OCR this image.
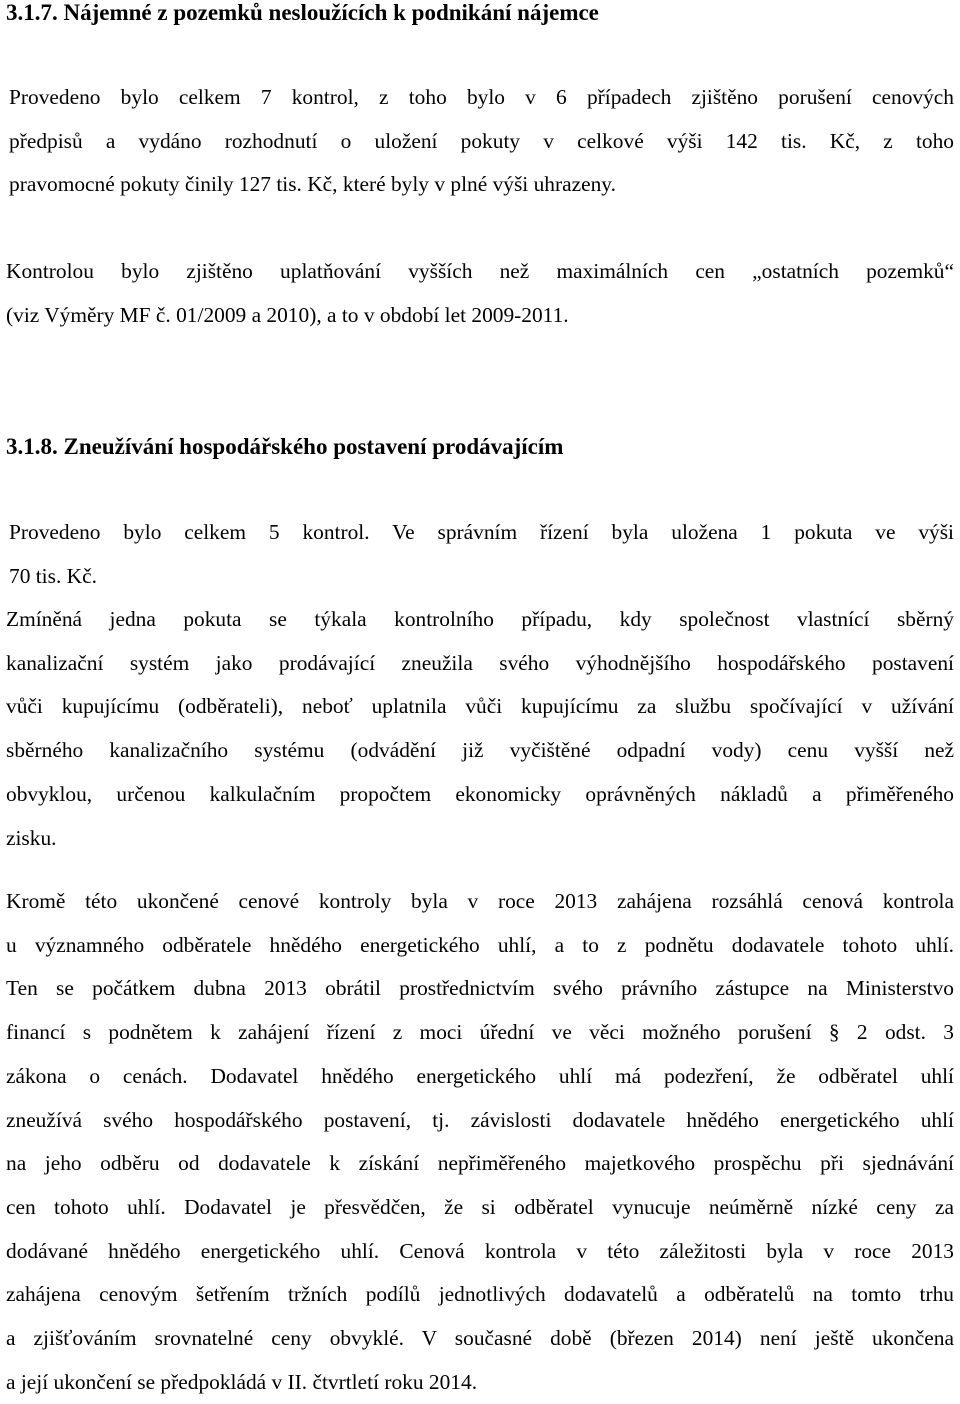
3.1.7. Nájemné z pozemků nesloužících k podnikání nájemce

Provedeno bylo celkem 7 kontrol, z toho bylo v 6 případech zjištěno porušení cenových
předpisů a vydáno rozhodnutí o uložení pokuty v celkové výši 142 tis. Kč, z toho
pravomocné pokuty činily 127 tis. Kč, které byly v plné výši uhrazeny.

Kontrolou bylo zjištěno uplatňování vyšších než maximálních cen „ostatních pozemků“
(viz Výměry MF č. 01/2009 a 2010), a to v období let 2009-2011.

3.1.8. Zneužívání hospodářského postavení prodávajícím

Provedeno bylo celkem 5 kontrol. Ve správním řízení byla uložena 1 pokuta ve výši
70 tis. Kč.

Zmíněná jedna pokuta se týkala kontrolního případu, kdy společnost vlastnící sběrný
kanalizační systém jako prodávající zneužila svého výhodnějšího hospodářského postavení
vůči kupujícímu (odběrateli), neboť uplatnila vůči kupujícímu za službu spočívající v užívání
sběrného kanalizačního systému (odvádění již vyčištěné odpadní vody) cenu vyšší než
obvyklou, určenou kalkulačním propočtem ekonomicky oprávněných nákladů a přiměřeného
zisku.

Kromě této ukončené cenové kontroly byla v roce 2013 zahájena rozsáhlá cenová kontrola
u významného odběratele hnědého energetického uhlí, a to z podnětu dodavatele tohoto uhlí.
Ten se počátkem dubna 2013 obrátil prostřednictvím svého právního zástupce na Ministerstvo
financí s podnětem k zahájení řízení z moci úřední ve věci možného porušení § 2 odst. 3
zákona o cenách. Dodavatel hnědého energetického uhlí má podezření, že odběratel uhlí
zneužívá svého hospodářského postavení, tj. závislosti dodavatele hnědého energetického uhlí
na jeho odběru od dodavatele k získání nepřiměřeného majetkového prospěchu při sjednávání
cen tohoto uhlí. Dodavatel je přesvědčen, že si odběratel vynucuje neúměrně nízké ceny za
dodávané hnědého energetického uhlí. Cenová kontrola v této záležitosti byla v roce 2013
zahájena cenovým šetřením tržních podílů jednotlivých dodavatelů a odběratelů na tomto trhu
a zjišťováním srovnatelné ceny obvyklé. V současné době (březen 2014) není ještě ukončena
a její ukončení se předpokládá v II. čtvrtletí roku 2014.
